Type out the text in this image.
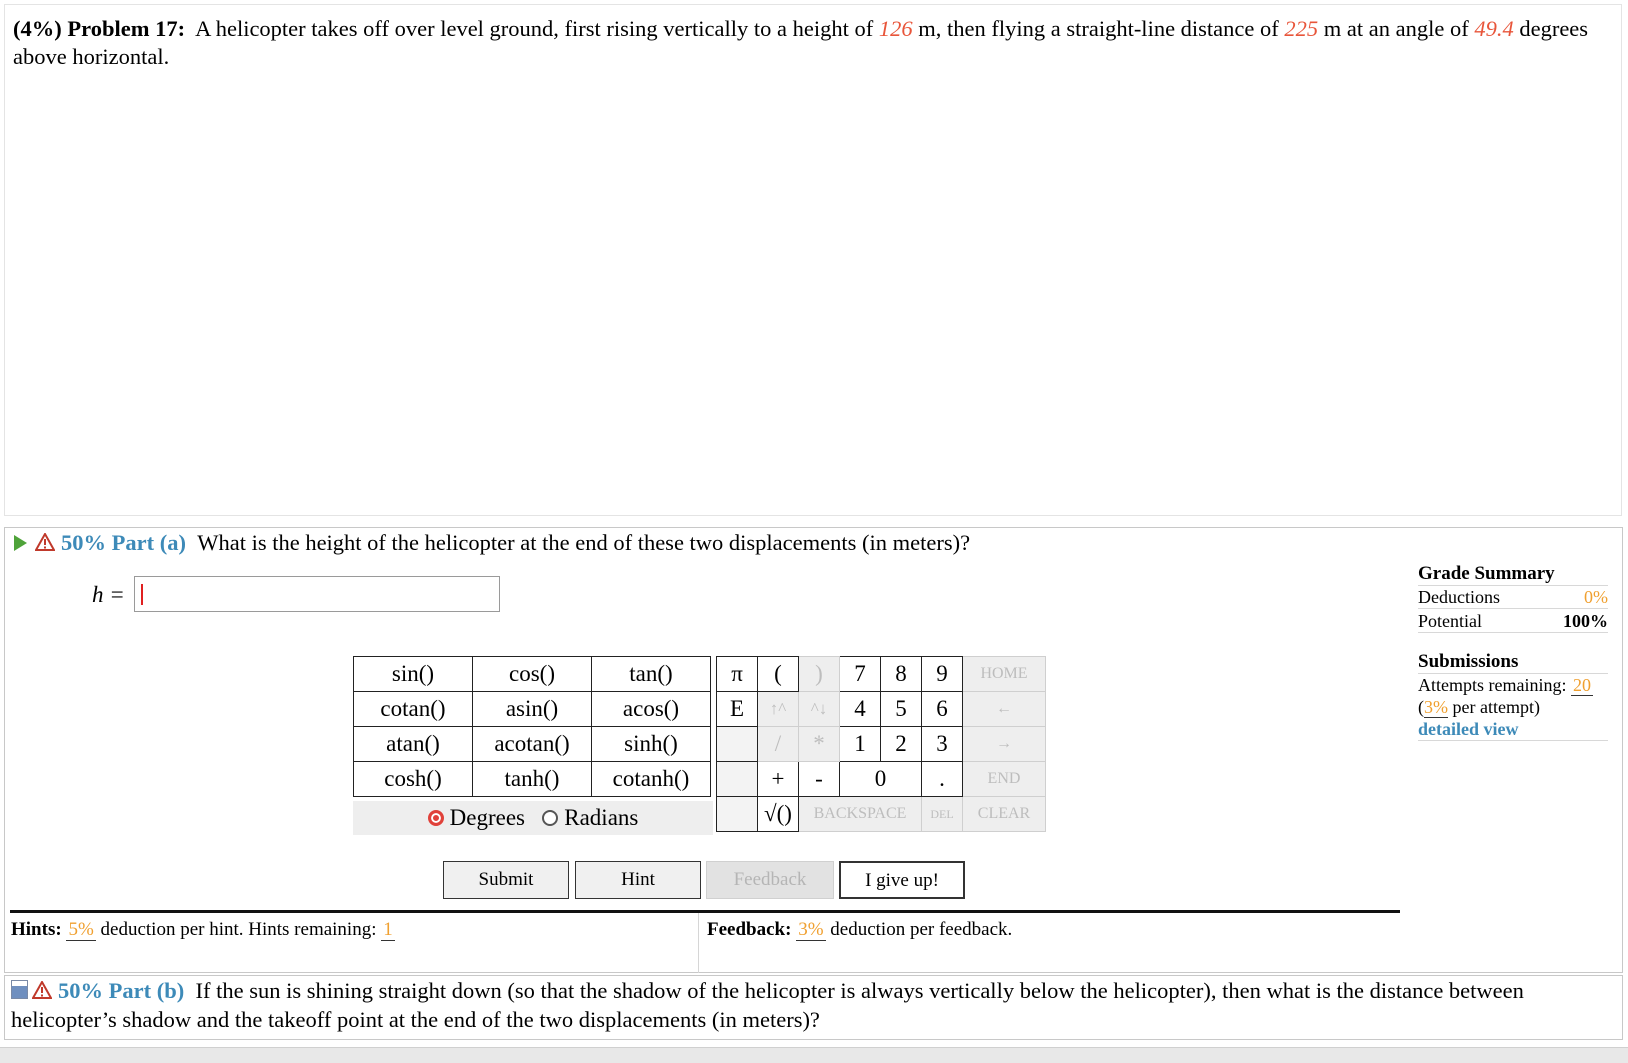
(4%) Problem 17: A helicopter takes off over level ground, first rising vertically to a height of 126 m, then flying a straight-line distance of 225 m at an angle of 49.4 degrees above horizontal.
50% Part (a) What is the height of the helicopter at the end of these two displacements (in meters)?
h =
sin()	cos()	tan()
cotan()	asin()	acos()
atan()	acotan()	sinh()
cosh()	tanh()	cotanh()
Degrees Radians
π	(	)	7	8	9	HOME
E	↑^	^↓	4	5	6	←
	/	*	1	2	3	→
	+	-	0		.	END
	√()	BACKSPACE			DEL	CLEAR
Submit	Hint	Feedback	I give up!
Hints: 5% deduction per hint. Hints remaining: 1	Feedback: 3% deduction per feedback.
Grade Summary
Deductions	0%
Potential	100%
Submissions
Attempts remaining: 20
(3% per attempt)
detailed view
50% Part (b) If the sun is shining straight down (so that the shadow of the helicopter is always vertically below the helicopter), then what is the distance between helicopter’s shadow and the takeoff point at the end of the two displacements (in meters)?
